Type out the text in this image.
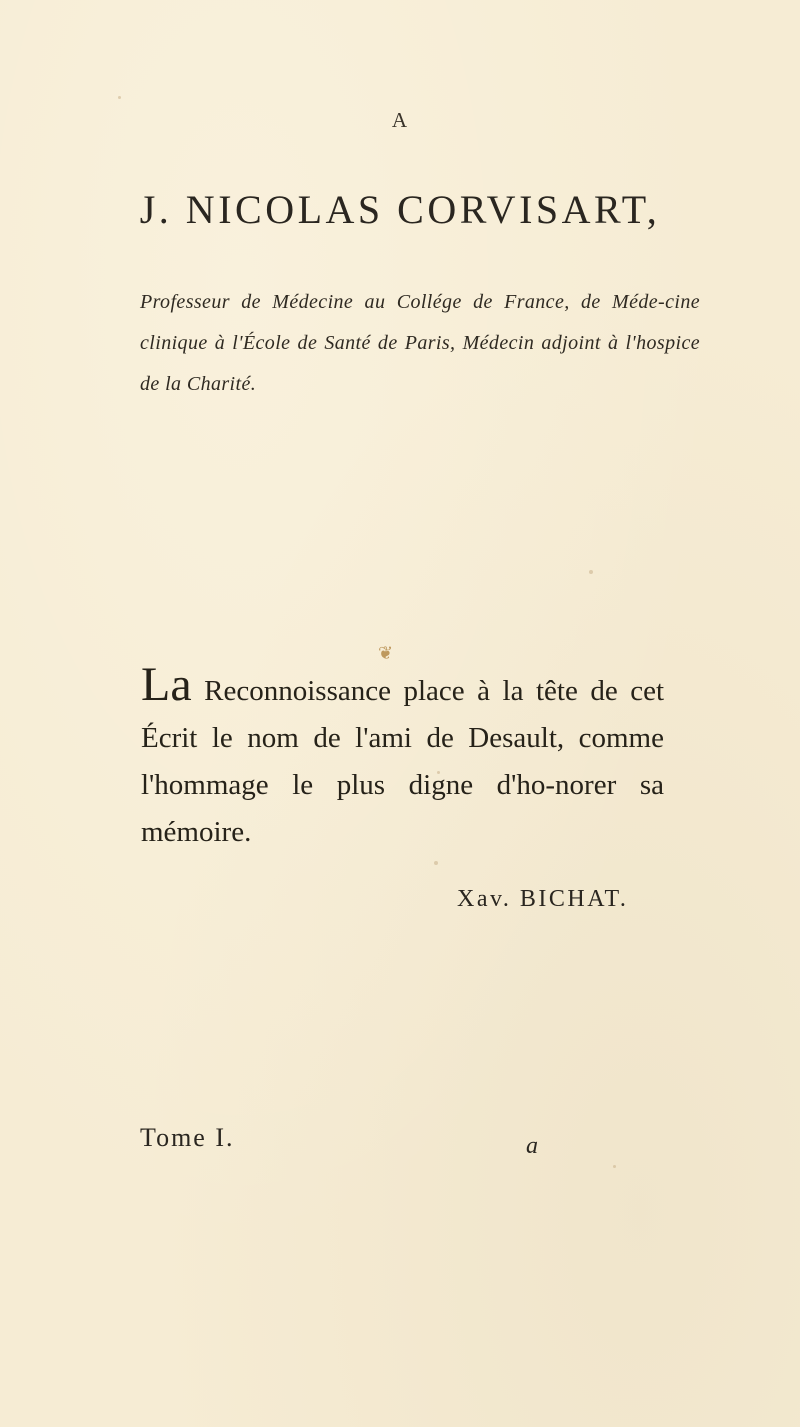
A
J. NICOLAS CORVISART,
Professeur de Médecine au Collége de France, de Méde-cine clinique à l'École de Santé de Paris, Médecin adjoint à l'hospice de la Charité.
❦
La Reconnoissance place à la tête de cet Écrit le nom de l'ami de Desault, comme l'hommage le plus digne d'ho-norer sa mémoire.
Xav. BICHAT.
Tome I.	a
